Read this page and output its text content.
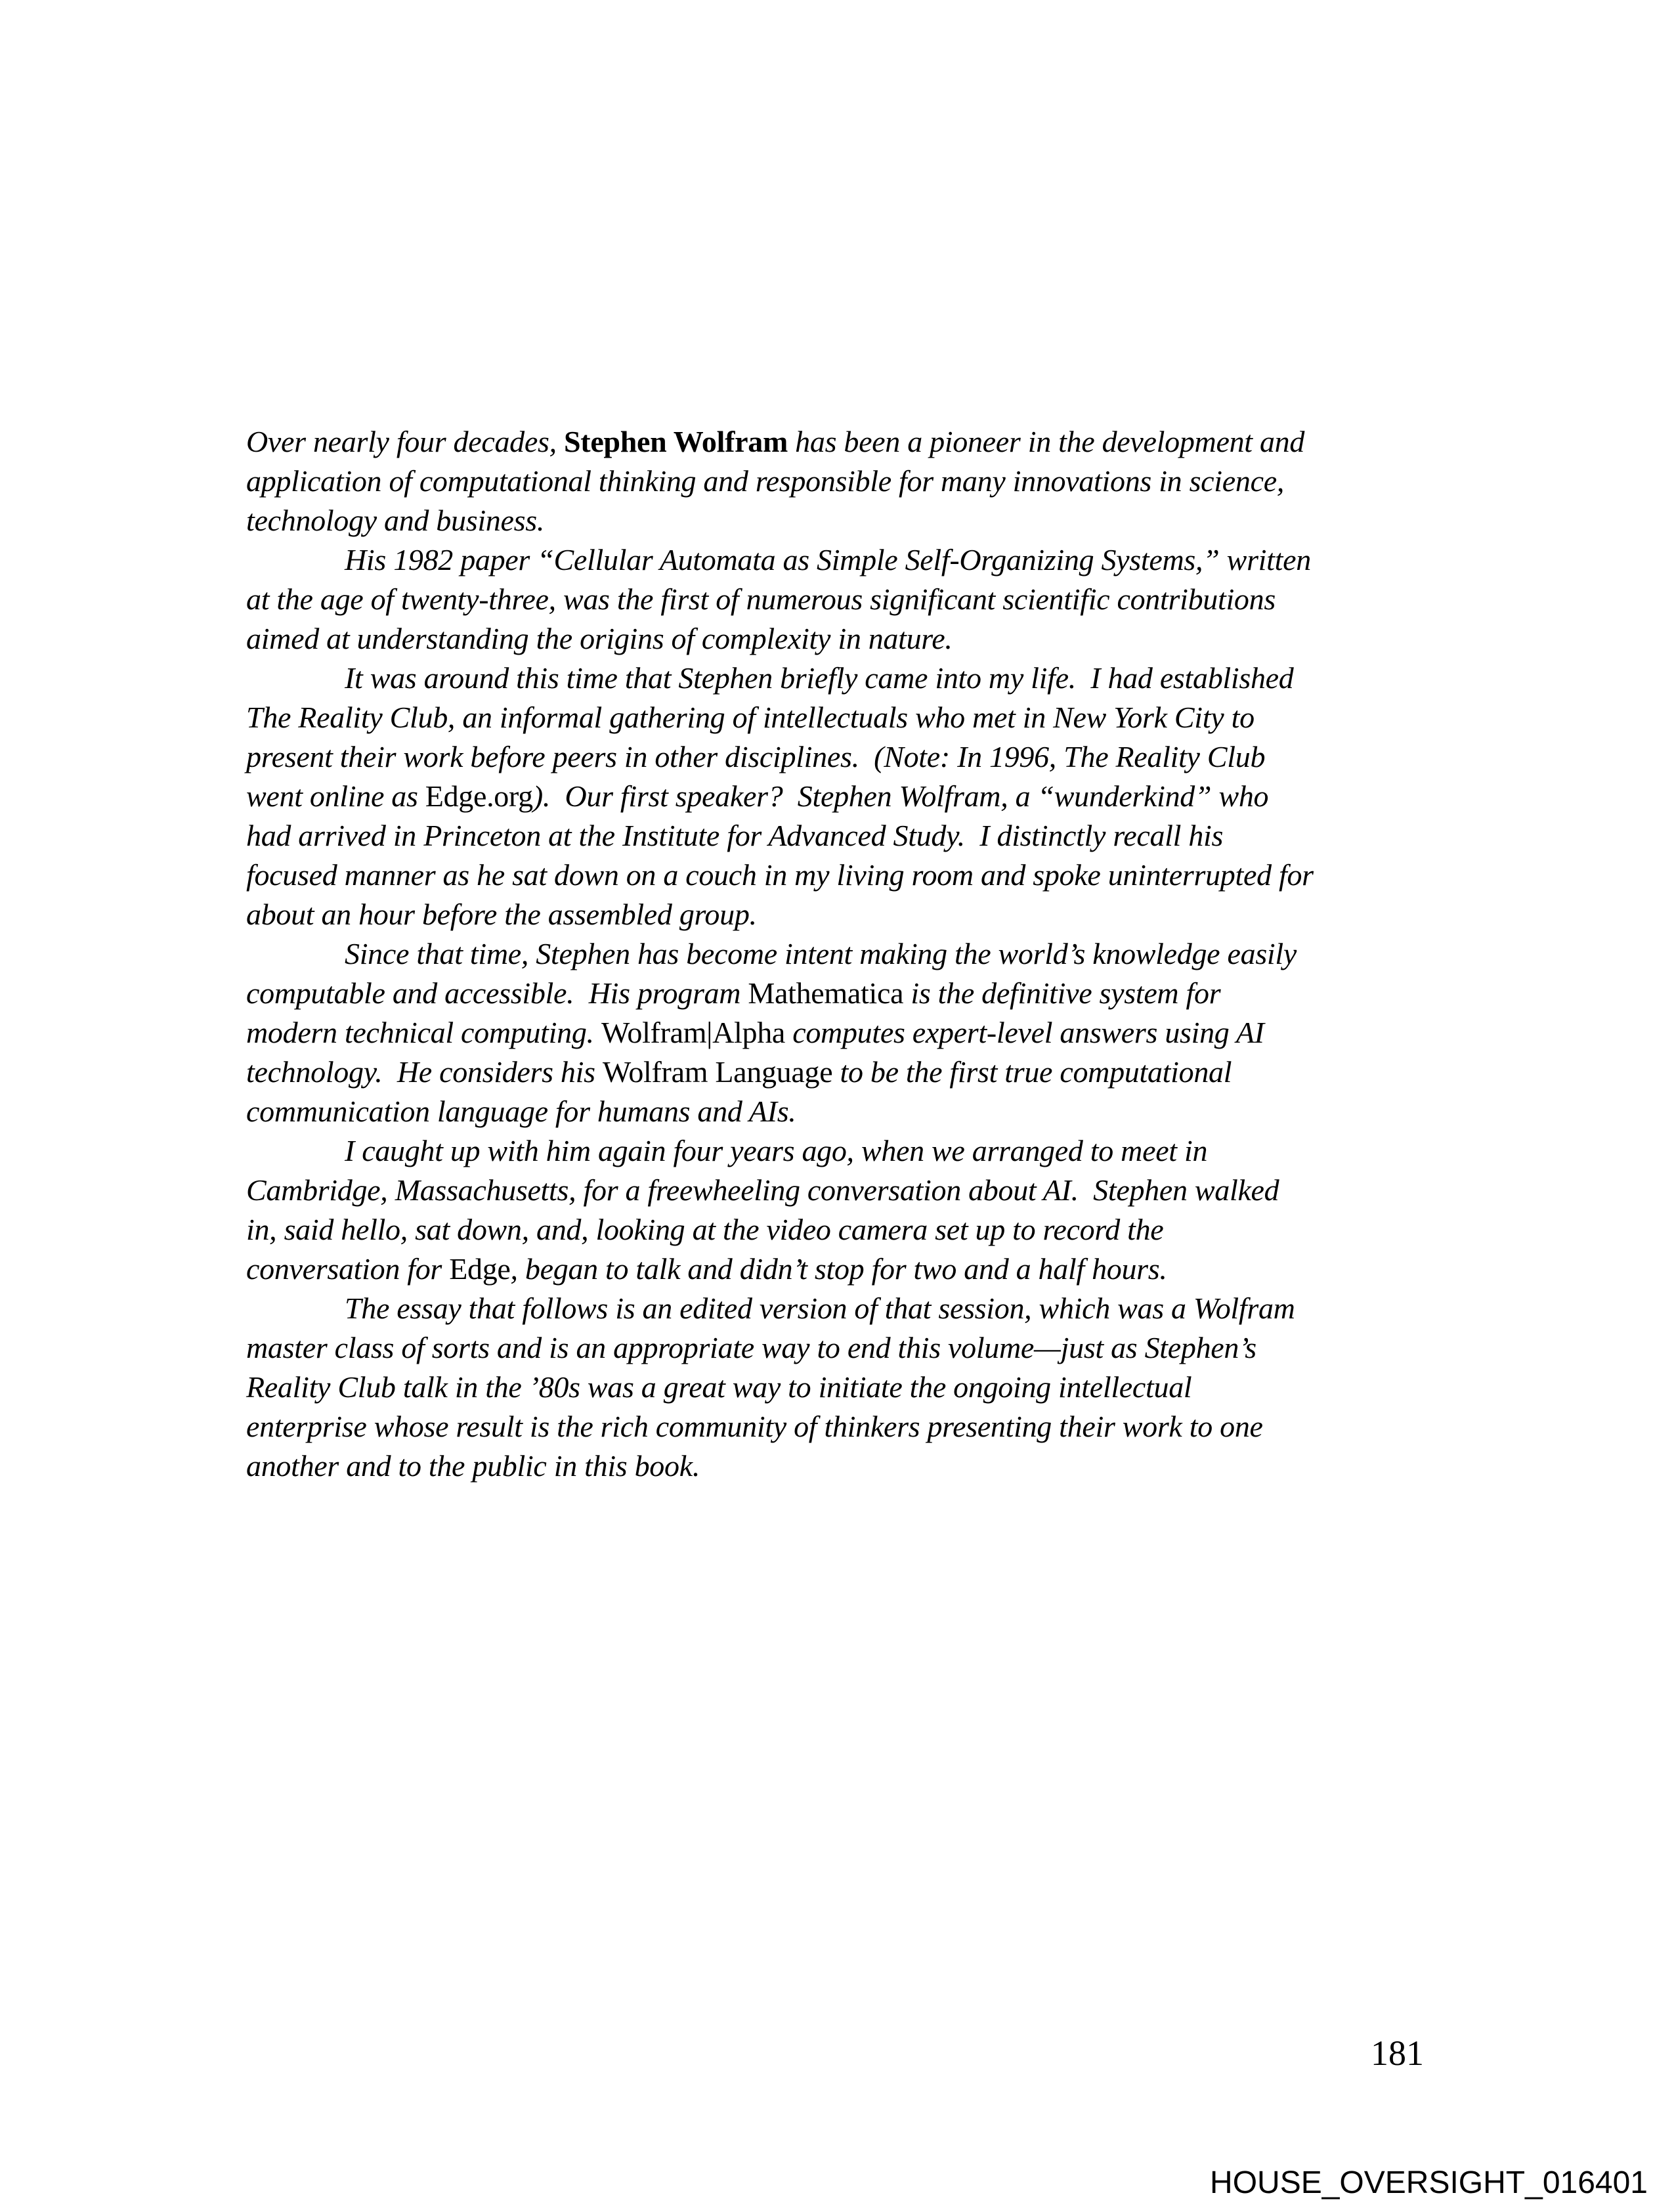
Over nearly four decades, Stephen Wolfram has been a pioneer in the development and
application of computational thinking and responsible for many innovations in science,
technology and business.
His 1982 paper “Cellular Automata as Simple Self-Organizing Systems,” written
at the age of twenty-three, was the first of numerous significant scientific contributions
aimed at understanding the origins of complexity in nature.
It was around this time that Stephen briefly came into my life.  I had established
The Reality Club, an informal gathering of intellectuals who met in New York City to
present their work before peers in other disciplines.  (Note: In 1996, The Reality Club
went online as Edge.org).  Our first speaker?  Stephen Wolfram, a “wunderkind” who
had arrived in Princeton at the Institute for Advanced Study.  I distinctly recall his
focused manner as he sat down on a couch in my living room and spoke uninterrupted for
about an hour before the assembled group.
Since that time, Stephen has become intent making the world’s knowledge easily
computable and accessible.  His program Mathematica is the definitive system for
modern technical computing. Wolfram|Alpha computes expert-level answers using AI
technology.  He considers his Wolfram Language to be the first true computational
communication language for humans and AIs.
I caught up with him again four years ago, when we arranged to meet in
Cambridge, Massachusetts, for a freewheeling conversation about AI.  Stephen walked
in, said hello, sat down, and, looking at the video camera set up to record the
conversation for Edge, began to talk and didn’t stop for two and a half hours.
The essay that follows is an edited version of that session, which was a Wolfram
master class of sorts and is an appropriate way to end this volume—just as Stephen’s
Reality Club talk in the ’80s was a great way to initiate the ongoing intellectual
enterprise whose result is the rich community of thinkers presenting their work to one
another and to the public in this book.
181
HOUSE_OVERSIGHT_016401
